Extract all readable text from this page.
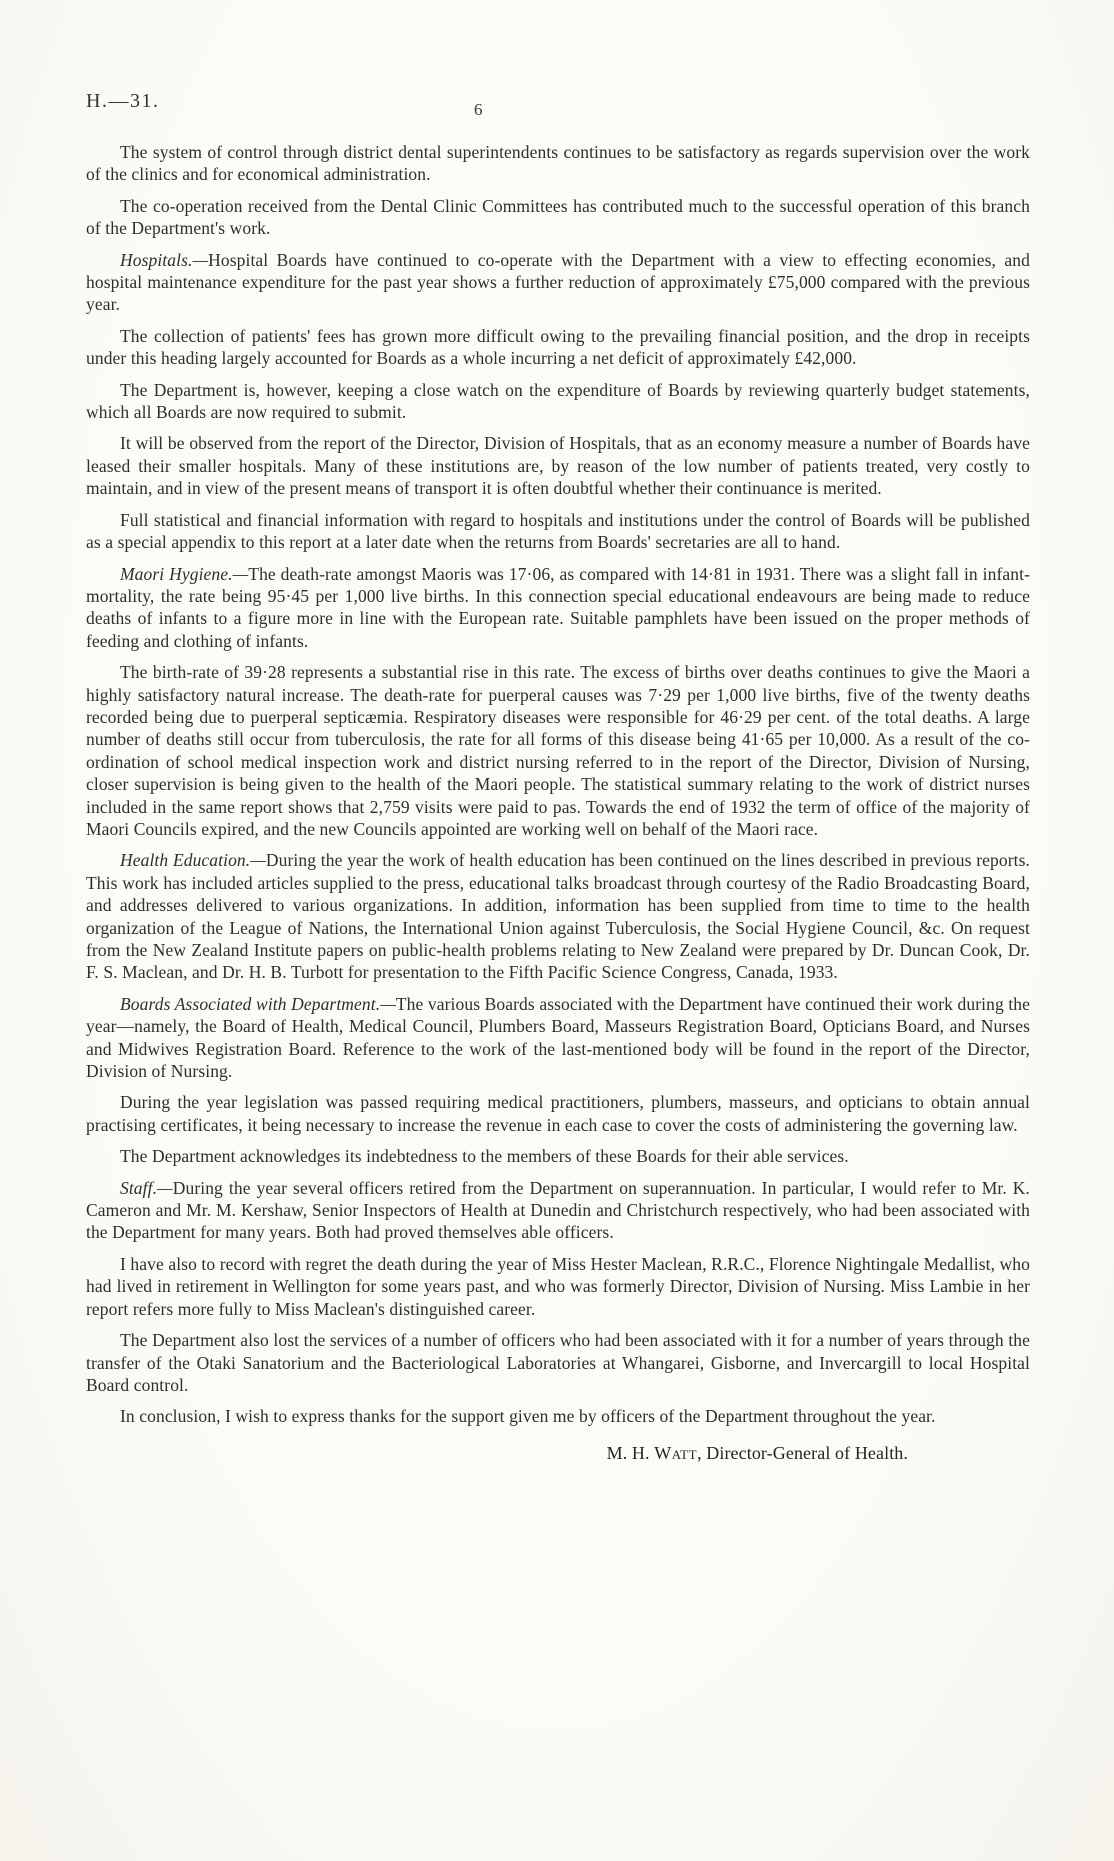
H.—31.	6

The system of control through district dental superintendents continues to be satisfactory as regards supervision over the work of the clinics and for economical administration.

The co-operation received from the Dental Clinic Committees has contributed much to the successful operation of this branch of the Department's work.

Hospitals.—Hospital Boards have continued to co-operate with the Department with a view to effecting economies, and hospital maintenance expenditure for the past year shows a further reduction of approximately £75,000 compared with the previous year.

The collection of patients' fees has grown more difficult owing to the prevailing financial position, and the drop in receipts under this heading largely accounted for Boards as a whole incurring a net deficit of approximately £42,000.

The Department is, however, keeping a close watch on the expenditure of Boards by reviewing quarterly budget statements, which all Boards are now required to submit.

It will be observed from the report of the Director, Division of Hospitals, that as an economy measure a number of Boards have leased their smaller hospitals. Many of these institutions are, by reason of the low number of patients treated, very costly to maintain, and in view of the present means of transport it is often doubtful whether their continuance is merited.

Full statistical and financial information with regard to hospitals and institutions under the control of Boards will be published as a special appendix to this report at a later date when the returns from Boards' secretaries are all to hand.

Maori Hygiene.—The death-rate amongst Maoris was 17·06, as compared with 14·81 in 1931. There was a slight fall in infant-mortality, the rate being 95·45 per 1,000 live births. In this connection special educational endeavours are being made to reduce deaths of infants to a figure more in line with the European rate. Suitable pamphlets have been issued on the proper methods of feeding and clothing of infants.

The birth-rate of 39·28 represents a substantial rise in this rate. The excess of births over deaths continues to give the Maori a highly satisfactory natural increase. The death-rate for puerperal causes was 7·29 per 1,000 live births, five of the twenty deaths recorded being due to puerperal septicæmia. Respiratory diseases were responsible for 46·29 per cent. of the total deaths. A large number of deaths still occur from tuberculosis, the rate for all forms of this disease being 41·65 per 10,000. As a result of the co-ordination of school medical inspection work and district nursing referred to in the report of the Director, Division of Nursing, closer supervision is being given to the health of the Maori people. The statistical summary relating to the work of district nurses included in the same report shows that 2,759 visits were paid to pas. Towards the end of 1932 the term of office of the majority of Maori Councils expired, and the new Councils appointed are working well on behalf of the Maori race.

Health Education.—During the year the work of health education has been continued on the lines described in previous reports. This work has included articles supplied to the press, educational talks broadcast through courtesy of the Radio Broadcasting Board, and addresses delivered to various organizations. In addition, information has been supplied from time to time to the health organization of the League of Nations, the International Union against Tuberculosis, the Social Hygiene Council, &c. On request from the New Zealand Institute papers on public-health problems relating to New Zealand were prepared by Dr. Duncan Cook, Dr. F. S. Maclean, and Dr. H. B. Turbott for presentation to the Fifth Pacific Science Congress, Canada, 1933.

Boards Associated with Department.—The various Boards associated with the Department have continued their work during the year—namely, the Board of Health, Medical Council, Plumbers Board, Masseurs Registration Board, Opticians Board, and Nurses and Midwives Registration Board. Reference to the work of the last-mentioned body will be found in the report of the Director, Division of Nursing.

During the year legislation was passed requiring medical practitioners, plumbers, masseurs, and opticians to obtain annual practising certificates, it being necessary to increase the revenue in each case to cover the costs of administering the governing law.

The Department acknowledges its indebtedness to the members of these Boards for their able services.

Staff.—During the year several officers retired from the Department on superannuation. In particular, I would refer to Mr. K. Cameron and Mr. M. Kershaw, Senior Inspectors of Health at Dunedin and Christchurch respectively, who had been associated with the Department for many years. Both had proved themselves able officers.

I have also to record with regret the death during the year of Miss Hester Maclean, R.R.C., Florence Nightingale Medallist, who had lived in retirement in Wellington for some years past, and who was formerly Director, Division of Nursing. Miss Lambie in her report refers more fully to Miss Maclean's distinguished career.

The Department also lost the services of a number of officers who had been associated with it for a number of years through the transfer of the Otaki Sanatorium and the Bacteriological Laboratories at Whangarei, Gisborne, and Invercargill to local Hospital Board control.

In conclusion, I wish to express thanks for the support given me by officers of the Department throughout the year.

M. H. Watt, Director-General of Health.
